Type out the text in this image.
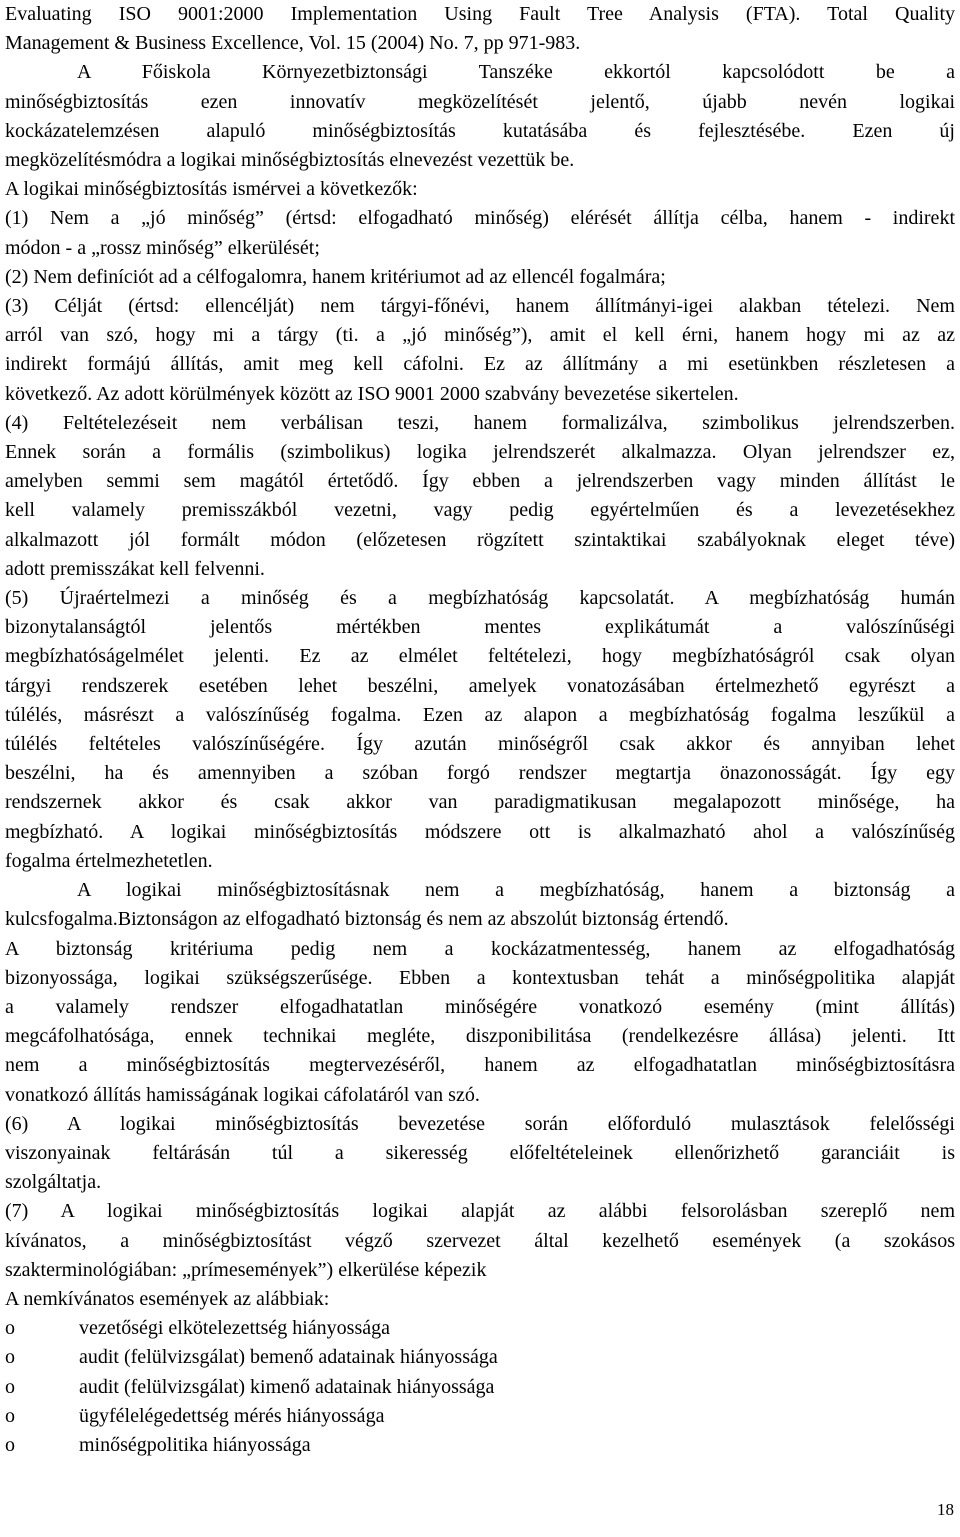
Evaluating ISO 9001:2000 Implementation Using Fault Tree Analysis (FTA). Total Quality
Management & Business Excellence, Vol. 15 (2004) No. 7, pp 971-983.
A Főiskola Környezetbiztonsági Tanszéke ekkortól kapcsolódott be a
minőségbiztosítás ezen innovatív megközelítését jelentő, újabb nevén logikai
kockázatelemzésen alapuló minőségbiztosítás kutatásába és fejlesztésébe. Ezen új
megközelítésmódra a logikai minőségbiztosítás elnevezést vezettük be.
A logikai minőségbiztosítás ismérvei a következők:
(1) Nem a „jó minőség” (értsd: elfogadható minőség) elérését állítja célba, hanem - indirekt
módon - a „rossz minőség” elkerülését;
(2) Nem definíciót ad a célfogalomra, hanem kritériumot ad az ellencél fogalmára;
(3) Célját (értsd: ellencélját) nem tárgyi-főnévi, hanem állítmányi-igei alakban tételezi. Nem
arról van szó, hogy mi a tárgy (ti. a „jó minőség”), amit el kell érni, hanem hogy mi az az
indirekt formájú állítás, amit meg kell cáfolni. Ez az állítmány a mi esetünkben részletesen a
következő. Az adott körülmények között az ISO 9001 2000 szabvány bevezetése sikertelen.
(4) Feltételezéseit nem verbálisan teszi, hanem formalizálva, szimbolikus jelrendszerben.
Ennek során a formális (szimbolikus) logika jelrendszerét alkalmazza. Olyan jelrendszer ez,
amelyben semmi sem magától értetődő. Így ebben a jelrendszerben vagy minden állítást le
kell valamely premisszákból vezetni, vagy pedig egyértelműen és a levezetésekhez
alkalmazott jól formált módon (előzetesen rögzített szintaktikai szabályoknak eleget téve)
adott premisszákat kell felvenni.
(5) Újraértelmezi a minőség és a megbízhatóság kapcsolatát. A megbízhatóság humán
bizonytalanságtól jelentős mértékben mentes explikátumát a valószínűségi
megbízhatóságelmélet jelenti. Ez az elmélet feltételezi, hogy megbízhatóságról csak olyan
tárgyi rendszerek esetében lehet beszélni, amelyek vonatozásában értelmezhető egyrészt a
túlélés, másrészt a valószínűség fogalma. Ezen az alapon a megbízhatóság fogalma leszűkül a
túlélés feltételes valószínűségére. Így azután minőségről csak akkor és annyiban lehet
beszélni, ha és amennyiben a szóban forgó rendszer megtartja önazonosságát. Így egy
rendszernek akkor és csak akkor van paradigmatikusan megalapozott minősége, ha
megbízható. A logikai minőségbiztosítás módszere ott is alkalmazható ahol a valószínűség
fogalma értelmezhetetlen.
A logikai minőségbiztosításnak nem a megbízhatóság, hanem a biztonság a
kulcsfogalma.Biztonságon az elfogadható biztonság és nem az abszolút biztonság értendő.
A biztonság kritériuma pedig nem a kockázatmentesség, hanem az elfogadhatóság
bizonyossága, logikai szükségszerűsége. Ebben a kontextusban tehát a minőségpolitika alapját
a valamely rendszer elfogadhatatlan minőségére vonatkozó esemény (mint állítás)
megcáfolhatósága, ennek technikai megléte, diszponibilitása (rendelkezésre állása) jelenti. Itt
nem a minőségbiztosítás megtervezéséről, hanem az elfogadhatatlan minőségbiztosításra
vonatkozó állítás hamisságának logikai cáfolatáról van szó.
(6) A logikai minőségbiztosítás bevezetése során előforduló mulasztások felelősségi
viszonyainak feltárásán túl a sikeresség előfeltételeinek ellenőrizhető garanciáit is
szolgáltatja.
(7) A logikai minőségbiztosítás logikai alapját az alábbi felsorolásban szereplő nem
kívánatos, a minőségbiztosítást végző szervezet által kezelhető események (a szokásos
szakterminológiában: „prímesemények”) elkerülése képezik
A nemkívánatos események az alábbiak:
o	vezetőségi elkötelezettség hiányossága
o	audit (felülvizsgálat) bemenő adatainak hiányossága
o	audit (felülvizsgálat) kimenő adatainak hiányossága
o	ügyfélelégedettség mérés hiányossága
o	minőségpolitika hiányossága
18
